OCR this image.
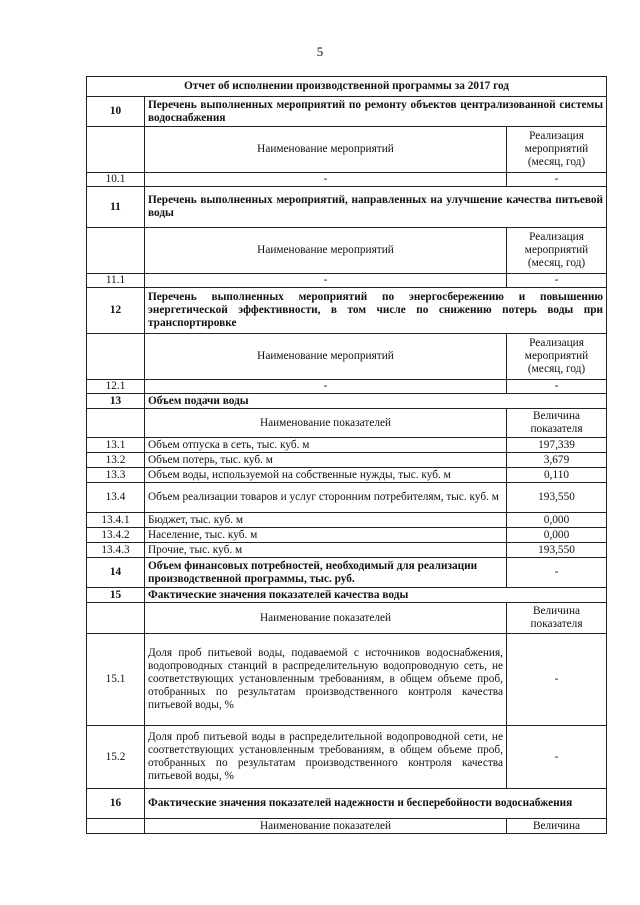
5
Отчет об исполнении производственной программы за 2017 год		
10	Перечень выполненных мероприятий по ремонту объектов централизованной системы водоснабжения	
	Наименование мероприятий	Реализация мероприятий (месяц, год)
10.1	-	-
11	Перечень выполненных мероприятий, направленных на улучшение качества питьевой воды	
	Наименование мероприятий	Реализация мероприятий (месяц, год)
11.1	-	-
12	Перечень выполненных мероприятий по энергосбережению и повышению энергетической эффективности, в том числе по снижению потерь воды при транспортировке	
	Наименование мероприятий	Реализация мероприятий (месяц, год)
12.1	-	-
13	Объем подачи воды	
	Наименование показателей	Величина показателя
13.1	Объем отпуска в сеть, тыс. куб. м	197,339
13.2	Объем потерь, тыс. куб. м	3,679
13.3	Объем воды, используемой на собственные нужды, тыс. куб. м	0,110
13.4	Объем реализации товаров и услуг сторонним потребителям, тыс. куб. м	193,550
13.4.1	Бюджет, тыс. куб. м	0,000
13.4.2	Население, тыс. куб. м	0,000
13.4.3	Прочие, тыс. куб. м	193,550
14	Объем финансовых потребностей, необходимый для реализации производственной программы, тыс. руб.	-
15	Фактические значения показателей качества воды	
	Наименование показателей	Величина показателя
15.1	Доля проб питьевой воды, подаваемой с источников водоснабжения, водопроводных станций в распределительную водопроводную сеть, не соответствующих установленным требованиям, в общем объеме проб, отобранных по результатам производственного контроля качества питьевой воды, %	-
15.2	Доля проб питьевой воды в распределительной водопроводной сети, не соответствующих установленным требованиям, в общем объеме проб, отобранных по результатам производственного контроля качества питьевой воды, %	-
16	Фактические значения показателей надежности и бесперебойности водоснабжения	
	Наименование показателей	Величина
